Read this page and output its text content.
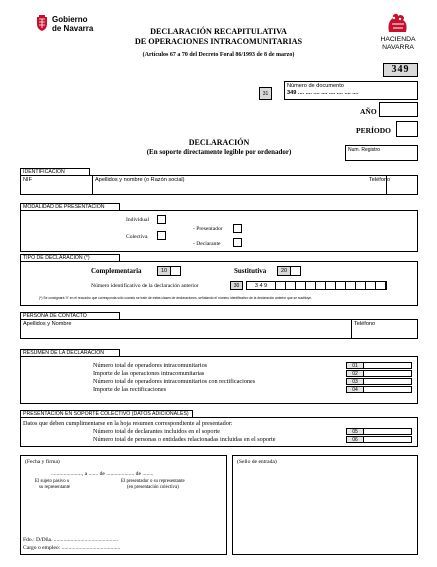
Gobierno
de Navarra	DECLARACIÓN RECAPITULATIVA
DE OPERACIONES INTRACOMUNITARIAS
(Artículos 67 a 70 del Decreto Foral 86/1993 de 8 de marzo)
HACIENDA
NAVARRA
349
31
Número de documento
349 .... .... .... .... .... .... .... ....
AÑO
PERÍODO
DECLARACIÓN
(En soporte directamente legible por ordenador)	Num. Registro
IDENTIFICACIÓN
NIF	Apellidos y nombre (o Razón social)	Teléfono
MODALIDAD DE PRESENTACIÓN
Individual
Colectiva
- Presentador
- Declarante
TIPO DE DECLARACIÓN (*)
Complementaria	10	Sustitutiva	20
Número identificativo de la declaración anterior	30	3 4 9
(*) Se consignará 'X' en el recuadro que corresponda sólo cuando se trate de estas clases de declaraciones, señalando el número identificativo de la declaración anterior que se sustituye.
PERSONA DE CONTACTO
Apellidos y Nombre	Teléfono
RESUMEN DE LA DECLARACIÓN
Número total de operadores intracomunitarios	01
Importe de las operaciones intracomunitarias	02
Número total de operadores intracomunitarios con rectificaciones	03
Importe de las rectificaciones	04
PRESENTACIÓN EN SOPORTE COLECTIVO (DATOS ADICIONALES)
Datos que deben cumplimentarse en la hoja resumen correspondiente al presentador:
Número total de declarantes incluidos en el soporte	05
Número total de personas o entidades relacionadas incluidas en el soporte	06
(Fecha y firma)
......................, a ....... de .................... de ........
El sujeto pasivo o
su representante
El presentador o su representante
(en presentación colectiva)
Fdo.: D/Dña. ..............................................
Cargo o empleo: ..........................................
(Sello de entrada)
